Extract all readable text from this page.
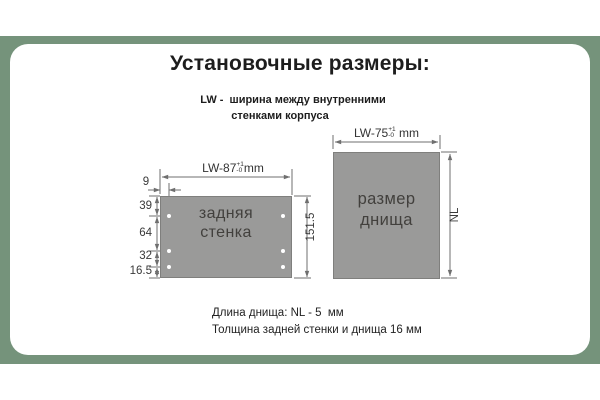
Установочные размеры:
LW -  ширина между внутренними
стенками корпуса
задняя
стенка
LW-87 +1
-0 mm
9
39
64
32
16.5
151.5
размер
днища
LW-75 +1
-0
mm
NL
Длина днища: NL - 5  мм
Толщина задней стенки и днища 16 мм
